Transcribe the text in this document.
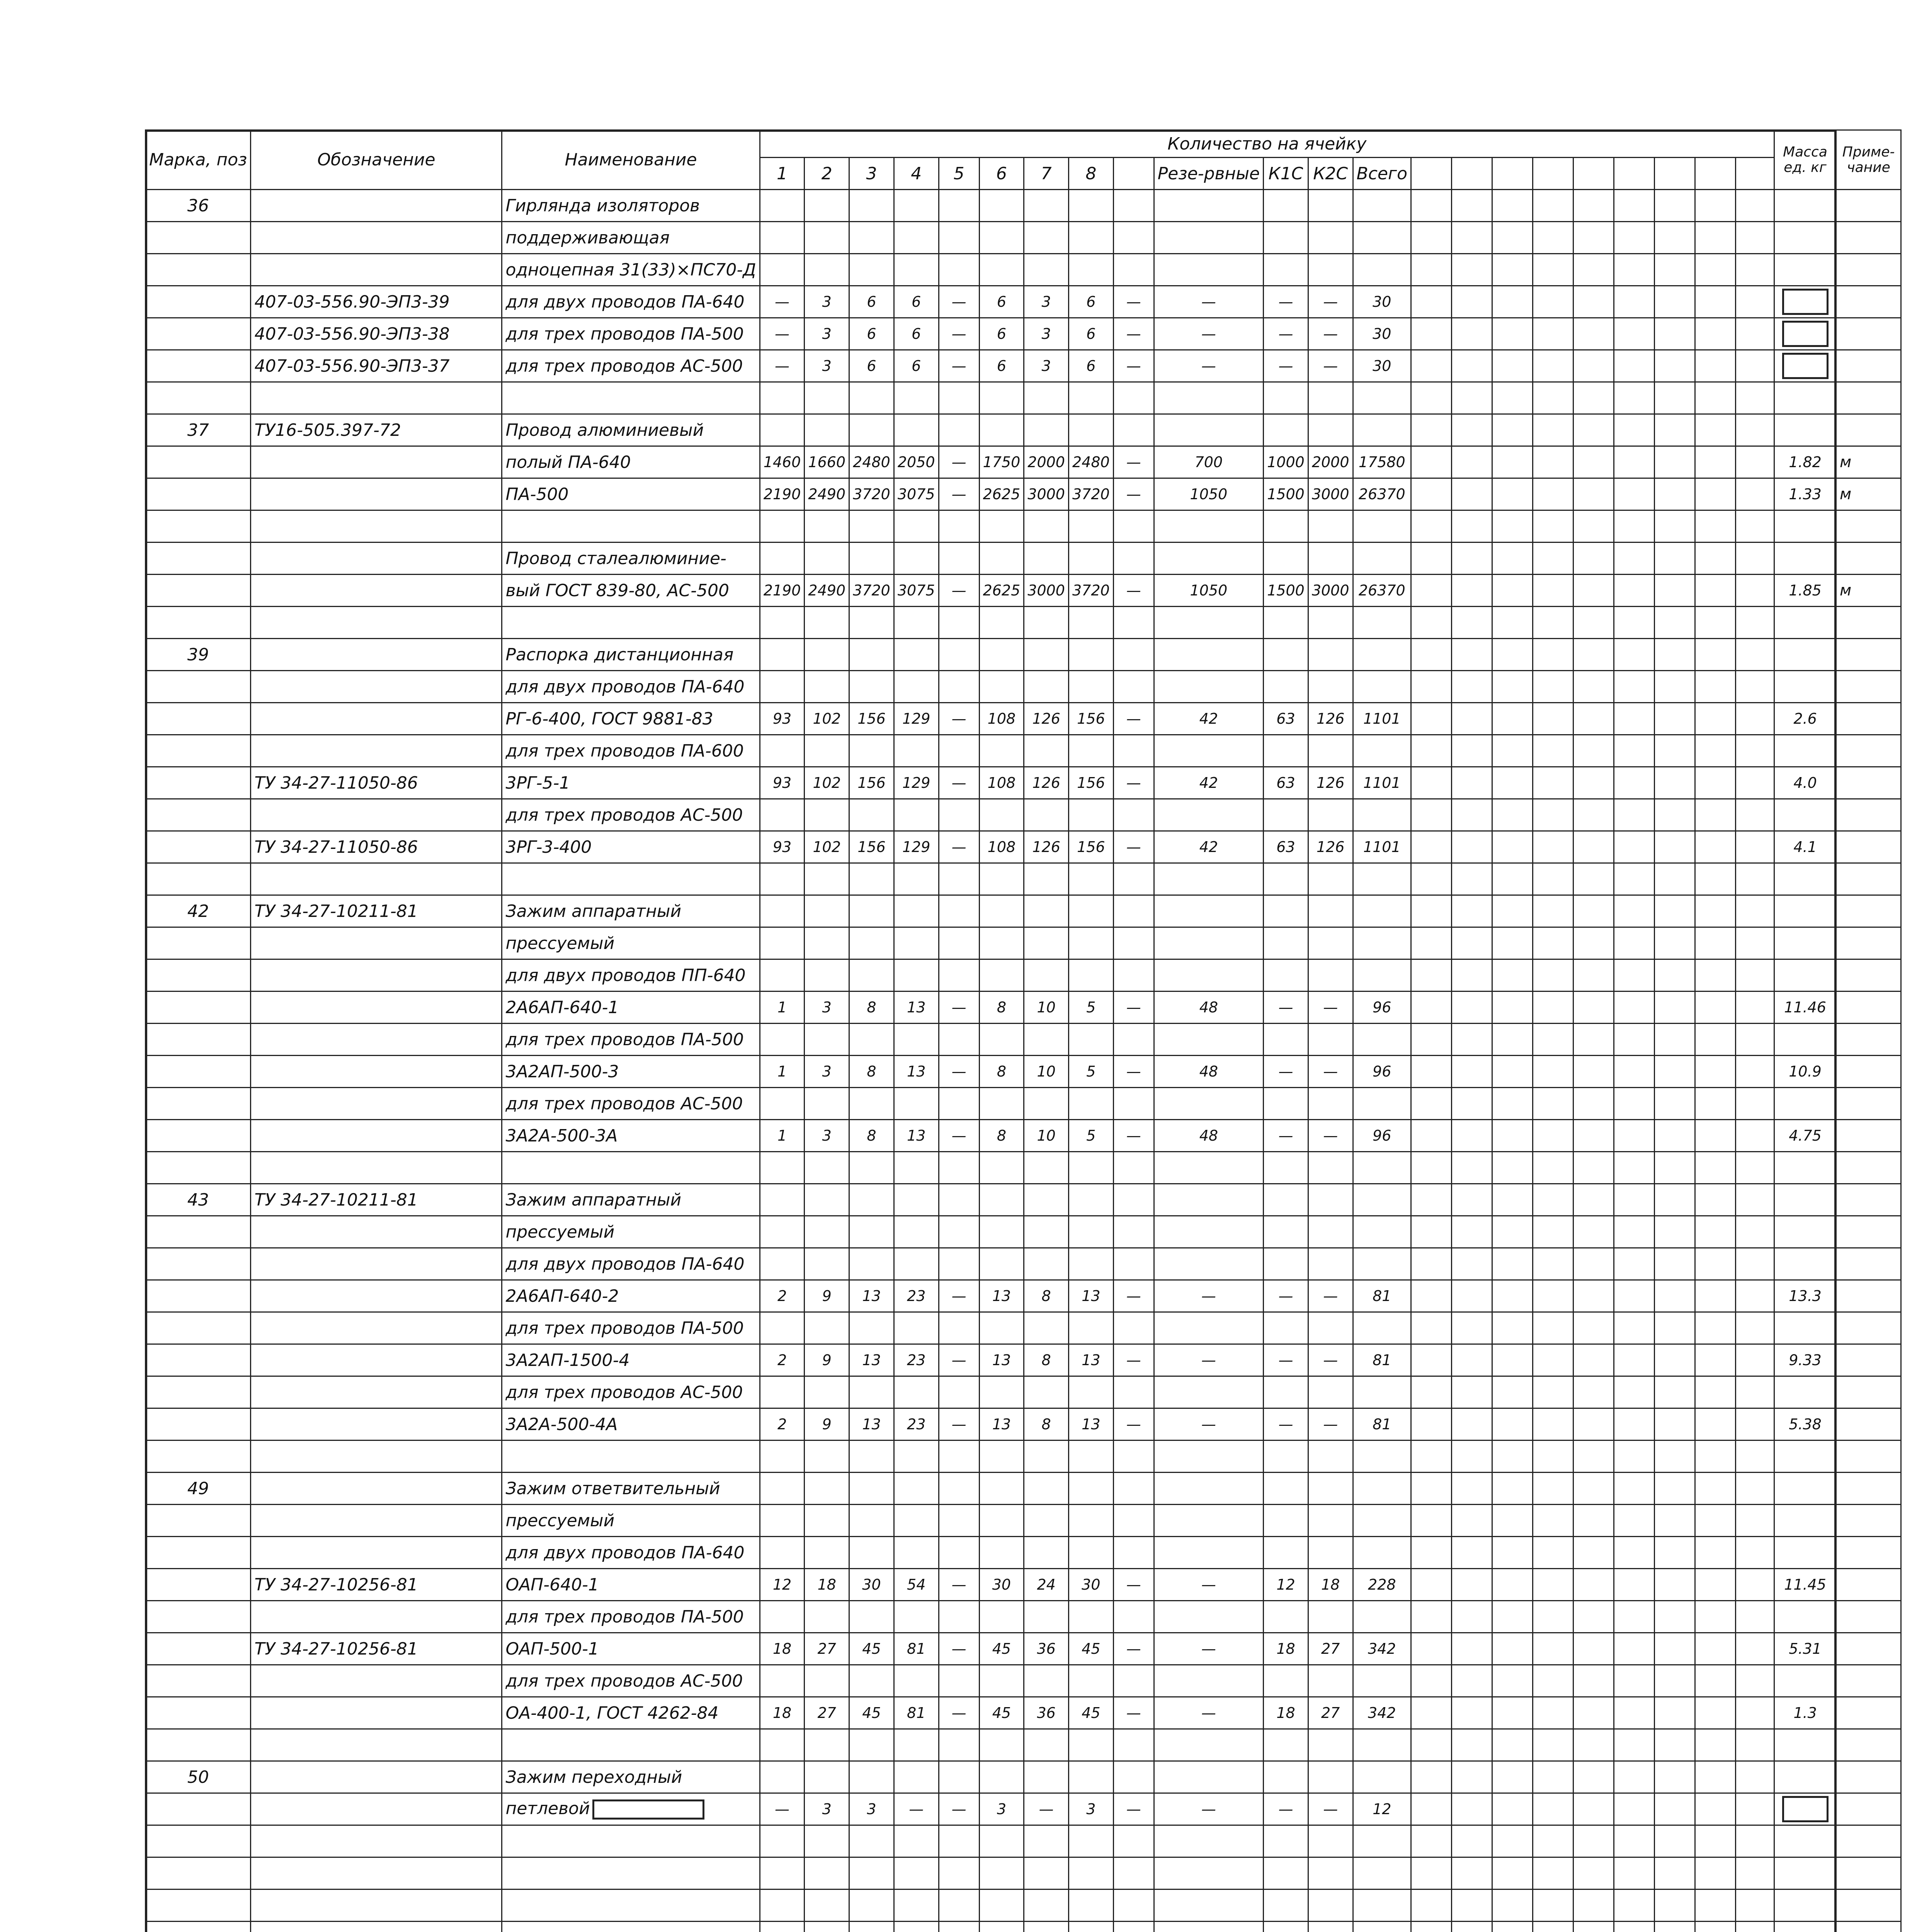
Марка, поз	Обозначение	Наименование	Количество на ячейку																						Масса ед. кг	Приме- чание
			1	2	3	4	5	6	7	8		Резе-рвные	К1С	К2С	Всего											
36		Гирлянда изоляторов																								
		поддерживающая																								
		одноцепная 31(33)×ПС70-Д																								
	407-03-556.90-ЭП3-39	для двух проводов ПА-640	—	3	6	6	—	6	3	6	—	—	—	—	30											
	407-03-556.90-ЭП3-38	для трех проводов ПА-500	—	3	6	6	—	6	3	6	—	—	—	—	30											
	407-03-556.90-ЭП3-37	для трех проводов АС-500	—	3	6	6	—	6	3	6	—	—	—	—	30											

37	ТУ16-505.397-72	Провод алюминиевый																								
		полый ПА-640	1460	1660	2480	2050	—	1750	2000	2480	—	700	1000	2000	17580										1.82	м
		ПА-500	2190	2490	3720	3075	—	2625	3000	3720	—	1050	1500	3000	26370										1.33	м

		Провод сталеалюминие-																								
		вый ГОСТ 839-80, АС-500	2190	2490	3720	3075	—	2625	3000	3720	—	1050	1500	3000	26370										1.85	м

39		Распорка дистанционная																								
		для двух проводов ПА-640																								
		РГ-6-400, ГОСТ 9881-83	93	102	156	129	—	108	126	156	—	42	63	126	1101										2.6	
		для трех проводов ПА-600																								
	ТУ 34-27-11050-86	3РГ-5-1	93	102	156	129	—	108	126	156	—	42	63	126	1101										4.0	
		для трех проводов АС-500																								
	ТУ 34-27-11050-86	3РГ-3-400	93	102	156	129	—	108	126	156	—	42	63	126	1101										4.1	

42	ТУ 34-27-10211-81	Зажим аппаратный																								
		прессуемый																								
		для двух проводов ПП-640																								
		2А6АП-640-1	1	3	8	13	—	8	10	5	—	48	—	—	96										11.46	
		для трех проводов ПА-500																								
		3А2АП-500-3	1	3	8	13	—	8	10	5	—	48	—	—	96										10.9	
		для трех проводов АС-500																								
		3А2А-500-3А	1	3	8	13	—	8	10	5	—	48	—	—	96										4.75	

43	ТУ 34-27-10211-81	Зажим аппаратный																								
		прессуемый																								
		для двух проводов ПА-640																								
		2А6АП-640-2	2	9	13	23	—	13	8	13	—	—	—	—	81										13.3	
		для трех проводов ПА-500																								
		3А2АП-1500-4	2	9	13	23	—	13	8	13	—	—	—	—	81										9.33	
		для трех проводов АС-500																								
		3А2А-500-4А	2	9	13	23	—	13	8	13	—	—	—	—	81										5.38	

49		Зажим ответвительный																								
		прессуемый																								
		для двух проводов ПА-640																								
	ТУ 34-27-10256-81	ОАП-640-1	12	18	30	54	—	30	24	30	—	—	12	18	228										11.45	
		для трех проводов ПА-500																								
	ТУ 34-27-10256-81	ОАП-500-1	18	27	45	81	—	45	36	45	—	—	18	27	342										5.31	
		для трех проводов АС-500																								
		ОА-400-1, ГОСТ 4262-84	18	27	45	81	—	45	36	45	—	—	18	27	342										1.3	

50		Зажим переходный																								
		петлевой	—	3	3	—	—	3	—	3	—	—	—	—	12											
